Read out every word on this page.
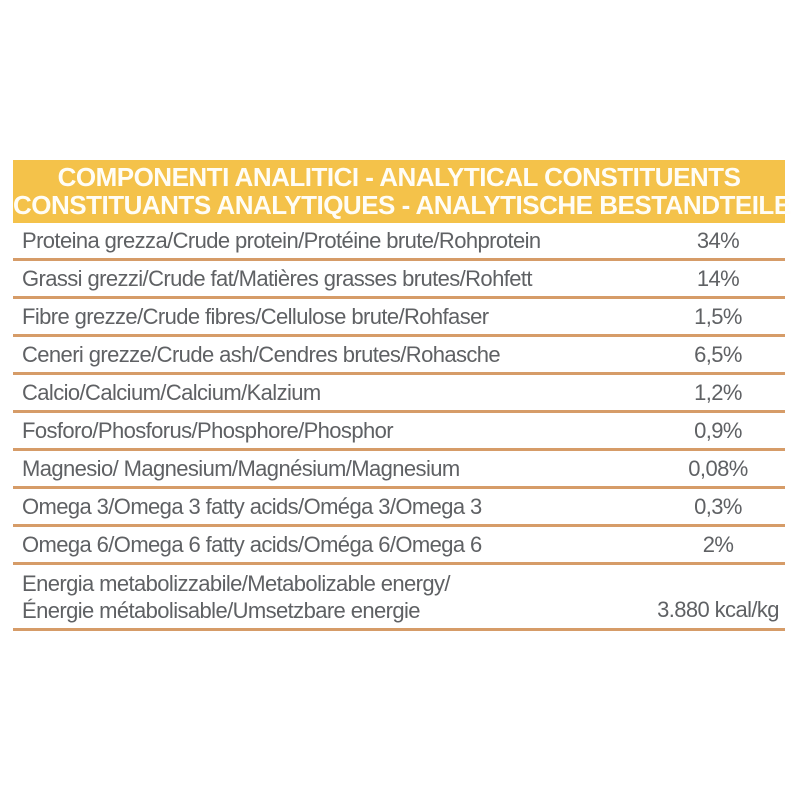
COMPONENTI ANALITICI - ANALYTICAL CONSTITUENTS
CONSTITUANTS ANALYTIQUES - ANALYTISCHE BESTANDTEILE
Proteina grezza/Crude protein/Protéine brute/Rohprotein	34%
Grassi grezzi/Crude fat/Matières grasses brutes/Rohfett	14%
Fibre grezze/Crude fibres/Cellulose brute/Rohfaser	1,5%
Ceneri grezze/Crude ash/Cendres brutes/Rohasche	6,5%
Calcio/Calcium/Calcium/Kalzium	1,2%
Fosforo/Phosforus/Phosphore/Phosphor	0,9%
Magnesio/ Magnesium/Magnésium/Magnesium	0,08%
Omega 3/Omega 3 fatty acids/Oméga 3/Omega 3	0,3%
Omega 6/Omega 6 fatty acids/Oméga 6/Omega 6	2%
Energia metabolizzabile/Metabolizable energy/
Énergie métabolisable/Umsetzbare energie	3.880 kcal/kg
